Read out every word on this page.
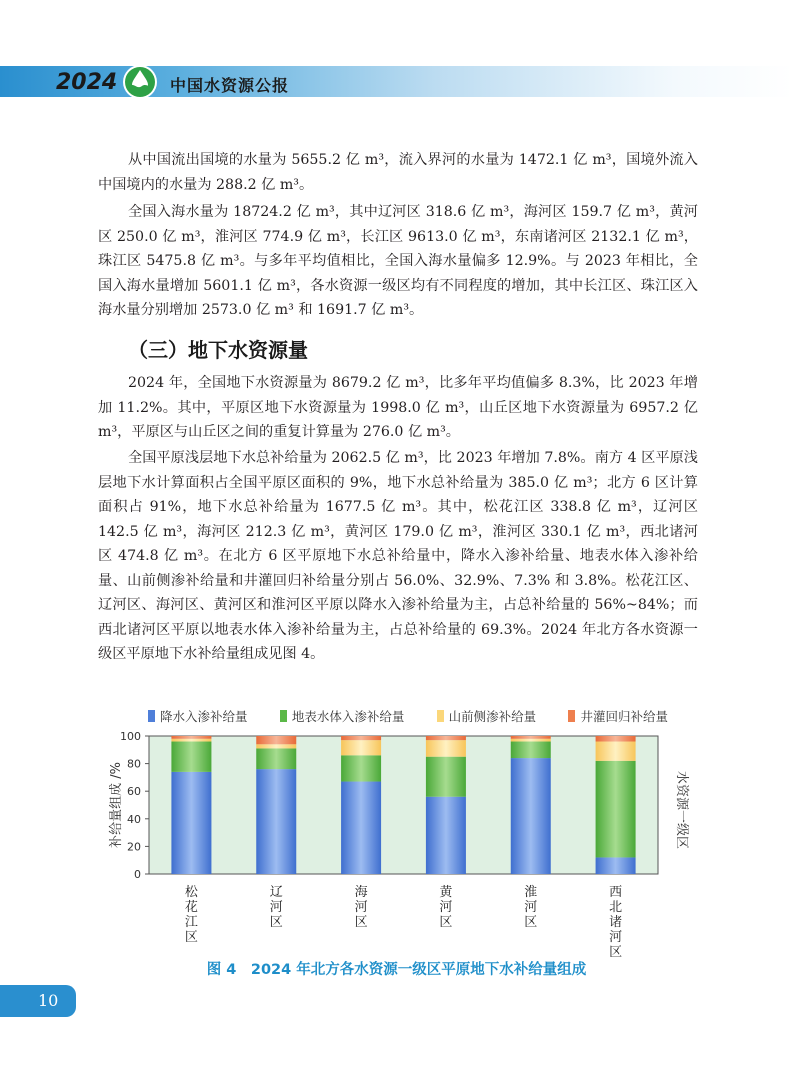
2024	中国水资源公报

从中国流出国境的水量为 5655.2 亿 m³，流入界河的水量为 1472.1 亿 m³，国境外流入中国境内的水量为 288.2 亿 m³。

全国入海水量为 18724.2 亿 m³，其中辽河区 318.6 亿 m³，海河区 159.7 亿 m³，黄河区 250.0 亿 m³，淮河区 774.9 亿 m³，长江区 9613.0 亿 m³，东南诸河区 2132.1 亿 m³，珠江区 5475.8 亿 m³。与多年平均值相比，全国入海水量偏多 12.9%。与 2023 年相比，全国入海水量增加 5601.1 亿 m³，各水资源一级区均有不同程度的增加，其中长江区、珠江区入海水量分别增加 2573.0 亿 m³ 和 1691.7 亿 m³。

（三）地下水资源量

2024 年，全国地下水资源量为 8679.2 亿 m³，比多年平均值偏多 8.3%，比 2023 年增加 11.2%。其中，平原区地下水资源量为 1998.0 亿 m³，山丘区地下水资源量为 6957.2 亿 m³，平原区与山丘区之间的重复计算量为 276.0 亿 m³。

全国平原浅层地下水总补给量为 2062.5 亿 m³，比 2023 年增加 7.8%。南方 4 区平原浅层地下水计算面积占全国平原区面积的 9%，地下水总补给量为 385.0 亿 m³；北方 6 区计算面积占 91%，地下水总补给量为 1677.5 亿 m³。其中，松花江区 338.8 亿 m³，辽河区 142.5 亿 m³，海河区 212.3 亿 m³，黄河区 179.0 亿 m³，淮河区 330.1 亿 m³，西北诸河区 474.8 亿 m³。在北方 6 区平原地下水总补给量中，降水入渗补给量、地表水体入渗补给量、山前侧渗补给量和井灌回归补给量分别占 56.0%、32.9%、7.3% 和 3.8%。松花江区、辽河区、海河区、黄河区和淮河区平原以降水入渗补给量为主，占总补给量的 56%~84%；而西北诸河区平原以地表水体入渗补给量为主，占总补给量的 69.3%。2024 年北方各水资源一级区平原地下水补给量组成见图 4。

降水入渗补给量	地表水体入渗补给量	山前侧渗补给量	井灌回归补给量
0
20
40
60
80
100
松花江区
辽河区
海河区
黄河区
淮河区
西北诸河区
补给量组成 /%	水资源一级区
图 4　2024 年北方各水资源一级区平原地下水补给量组成
10
